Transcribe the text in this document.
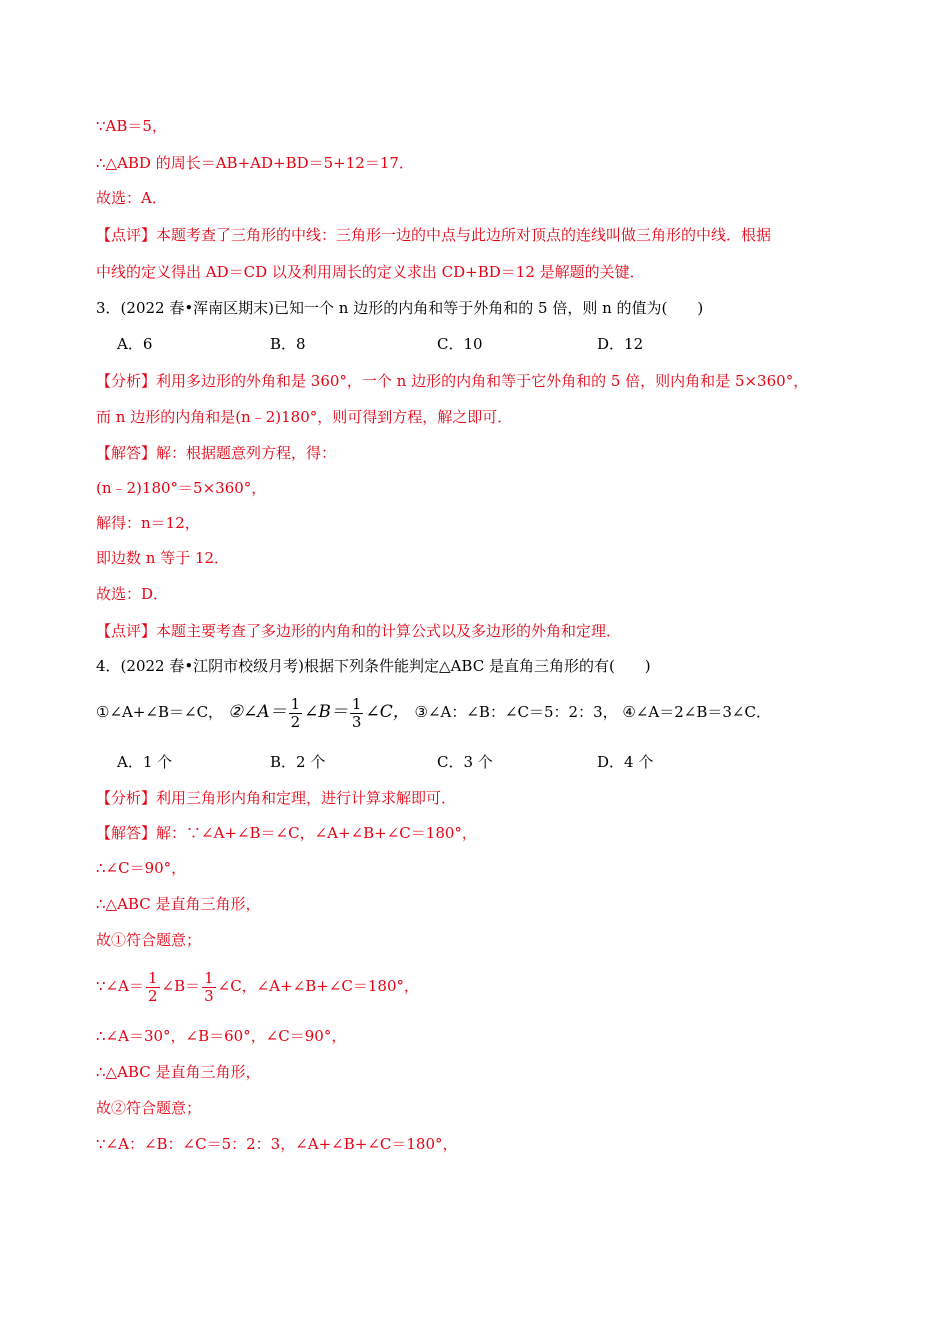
∵AB＝5，
∴△ABD 的周长＝AB+AD+BD＝5+12＝17．
故选：A．
【点评】本题考查了三角形的中线：三角形一边的中点与此边所对顶点的连线叫做三角形的中线．根据
中线的定义得出 AD＝CD 以及利用周长的定义求出 CD+BD＝12 是解题的关键．
3．(2022 春•浑南区期末)已知一个 n 边形的内角和等于外角和的 5 倍，则 n 的值为(　　)
A．6	B．8	C．10	D．12
【分析】利用多边形的外角和是 360°，一个 n 边形的内角和等于它外角和的 5 倍，则内角和是 5×360°，
而 n 边形的内角和是(n﹣2)180°，则可得到方程，解之即可．
【解答】解：根据题意列方程，得：
(n﹣2)180°＝5×360°，
解得：n＝12，
即边数 n 等于 12．
故选：D．
【点评】本题主要考查了多边形的内角和的计算公式以及多边形的外角和定理．
4．(2022 春•江阴市校级月考)根据下列条件能判定△ABC 是直角三角形的有(　　)
①∠A+∠B＝∠C， ②∠A＝ $\frac{1}{2}$ ∠B＝ $\frac{1}{3}$ ∠C， ③∠A：∠B：∠C＝5：2：3， ④∠A＝2∠B＝3∠C．
A．1 个	B．2 个	C．3 个	D．4 个
【分析】利用三角形内角和定理，进行计算求解即可．
【解答】解：∵∠A+∠B＝∠C，∠A+∠B+∠C＝180°，
∴∠C＝90°，
∴△ABC 是直角三角形，
故①符合题意；
∵∠A＝ $\frac{1}{2}$ ∠B＝ $\frac{1}{3}$ ∠C，∠A+∠B+∠C＝180°，
∴∠A＝30°，∠B＝60°，∠C＝90°，
∴△ABC 是直角三角形，
故②符合题意；
∵∠A：∠B：∠C＝5：2：3，∠A+∠B+∠C＝180°，
